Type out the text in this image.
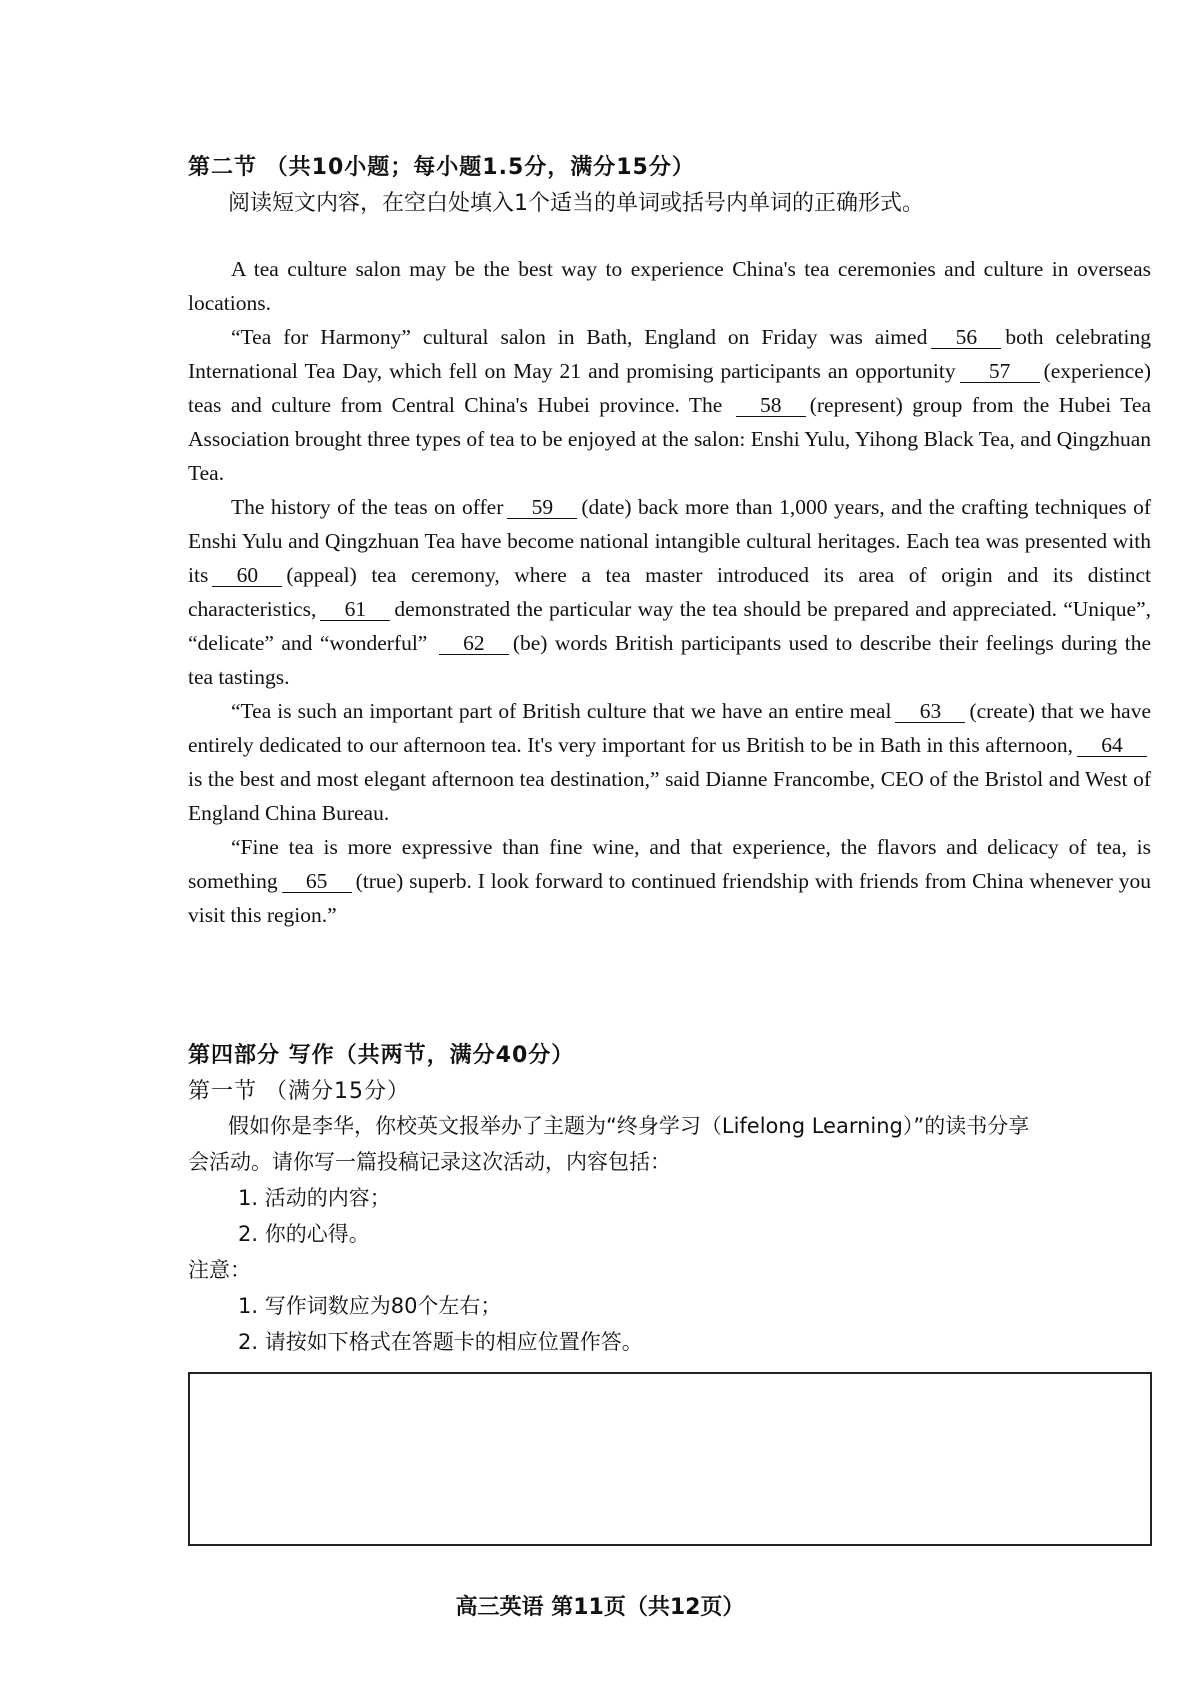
第二节 （共10小题；每小题1.5分，满分15分）
阅读短文内容，在空白处填入1个适当的单词或括号内单词的正确形式。

A tea culture salon may be the best way to experience China's tea ceremonies and culture in overseas locations.

“Tea for Harmony” cultural salon in Bath, England on Friday was aimed 56 both celebrating International Tea Day, which fell on May 21 and promising participants an opportunity 57 (experience) teas and culture from Central China's Hubei province. The 58 (represent) group from the Hubei Tea Association brought three types of tea to be enjoyed at the salon: Enshi Yulu, Yihong Black Tea, and Qingzhuan Tea.

The history of the teas on offer 59 (date) back more than 1,000 years, and the crafting techniques of Enshi Yulu and Qingzhuan Tea have become national intangible cultural heritages. Each tea was presented with its 60 (appeal) tea ceremony, where a tea master introduced its area of origin and its distinct characteristics, 61 demonstrated the particular way the tea should be prepared and appreciated. “Unique”, “delicate” and “wonderful” 62 (be) words British participants used to describe their feelings during the tea tastings.

“Tea is such an important part of British culture that we have an entire meal 63 (create) that we have entirely dedicated to our afternoon tea. It's very important for us British to be in Bath in this afternoon, 64is the best and most elegant afternoon tea destination,” said Dianne Francombe, CEO of the Bristol and West of England China Bureau.

“Fine tea is more expressive than fine wine, and that experience, the flavors and delicacy of tea, is something 65 (true) superb. I look forward to continued friendship with friends from China whenever you visit this region.”

第四部分 写作（共两节，满分40分）
第一节 （满分15分）
假如你是李华，你校英文报举办了主题为“终身学习（Lifelong Learning）”的读书分享
会活动。请你写一篇投稿记录这次活动，内容包括：
1. 活动的内容；
2. 你的心得。
注意：
1. 写作词数应为80个左右；
2. 请按如下格式在答题卡的相应位置作答。
高三英语 第11页（共12页）
